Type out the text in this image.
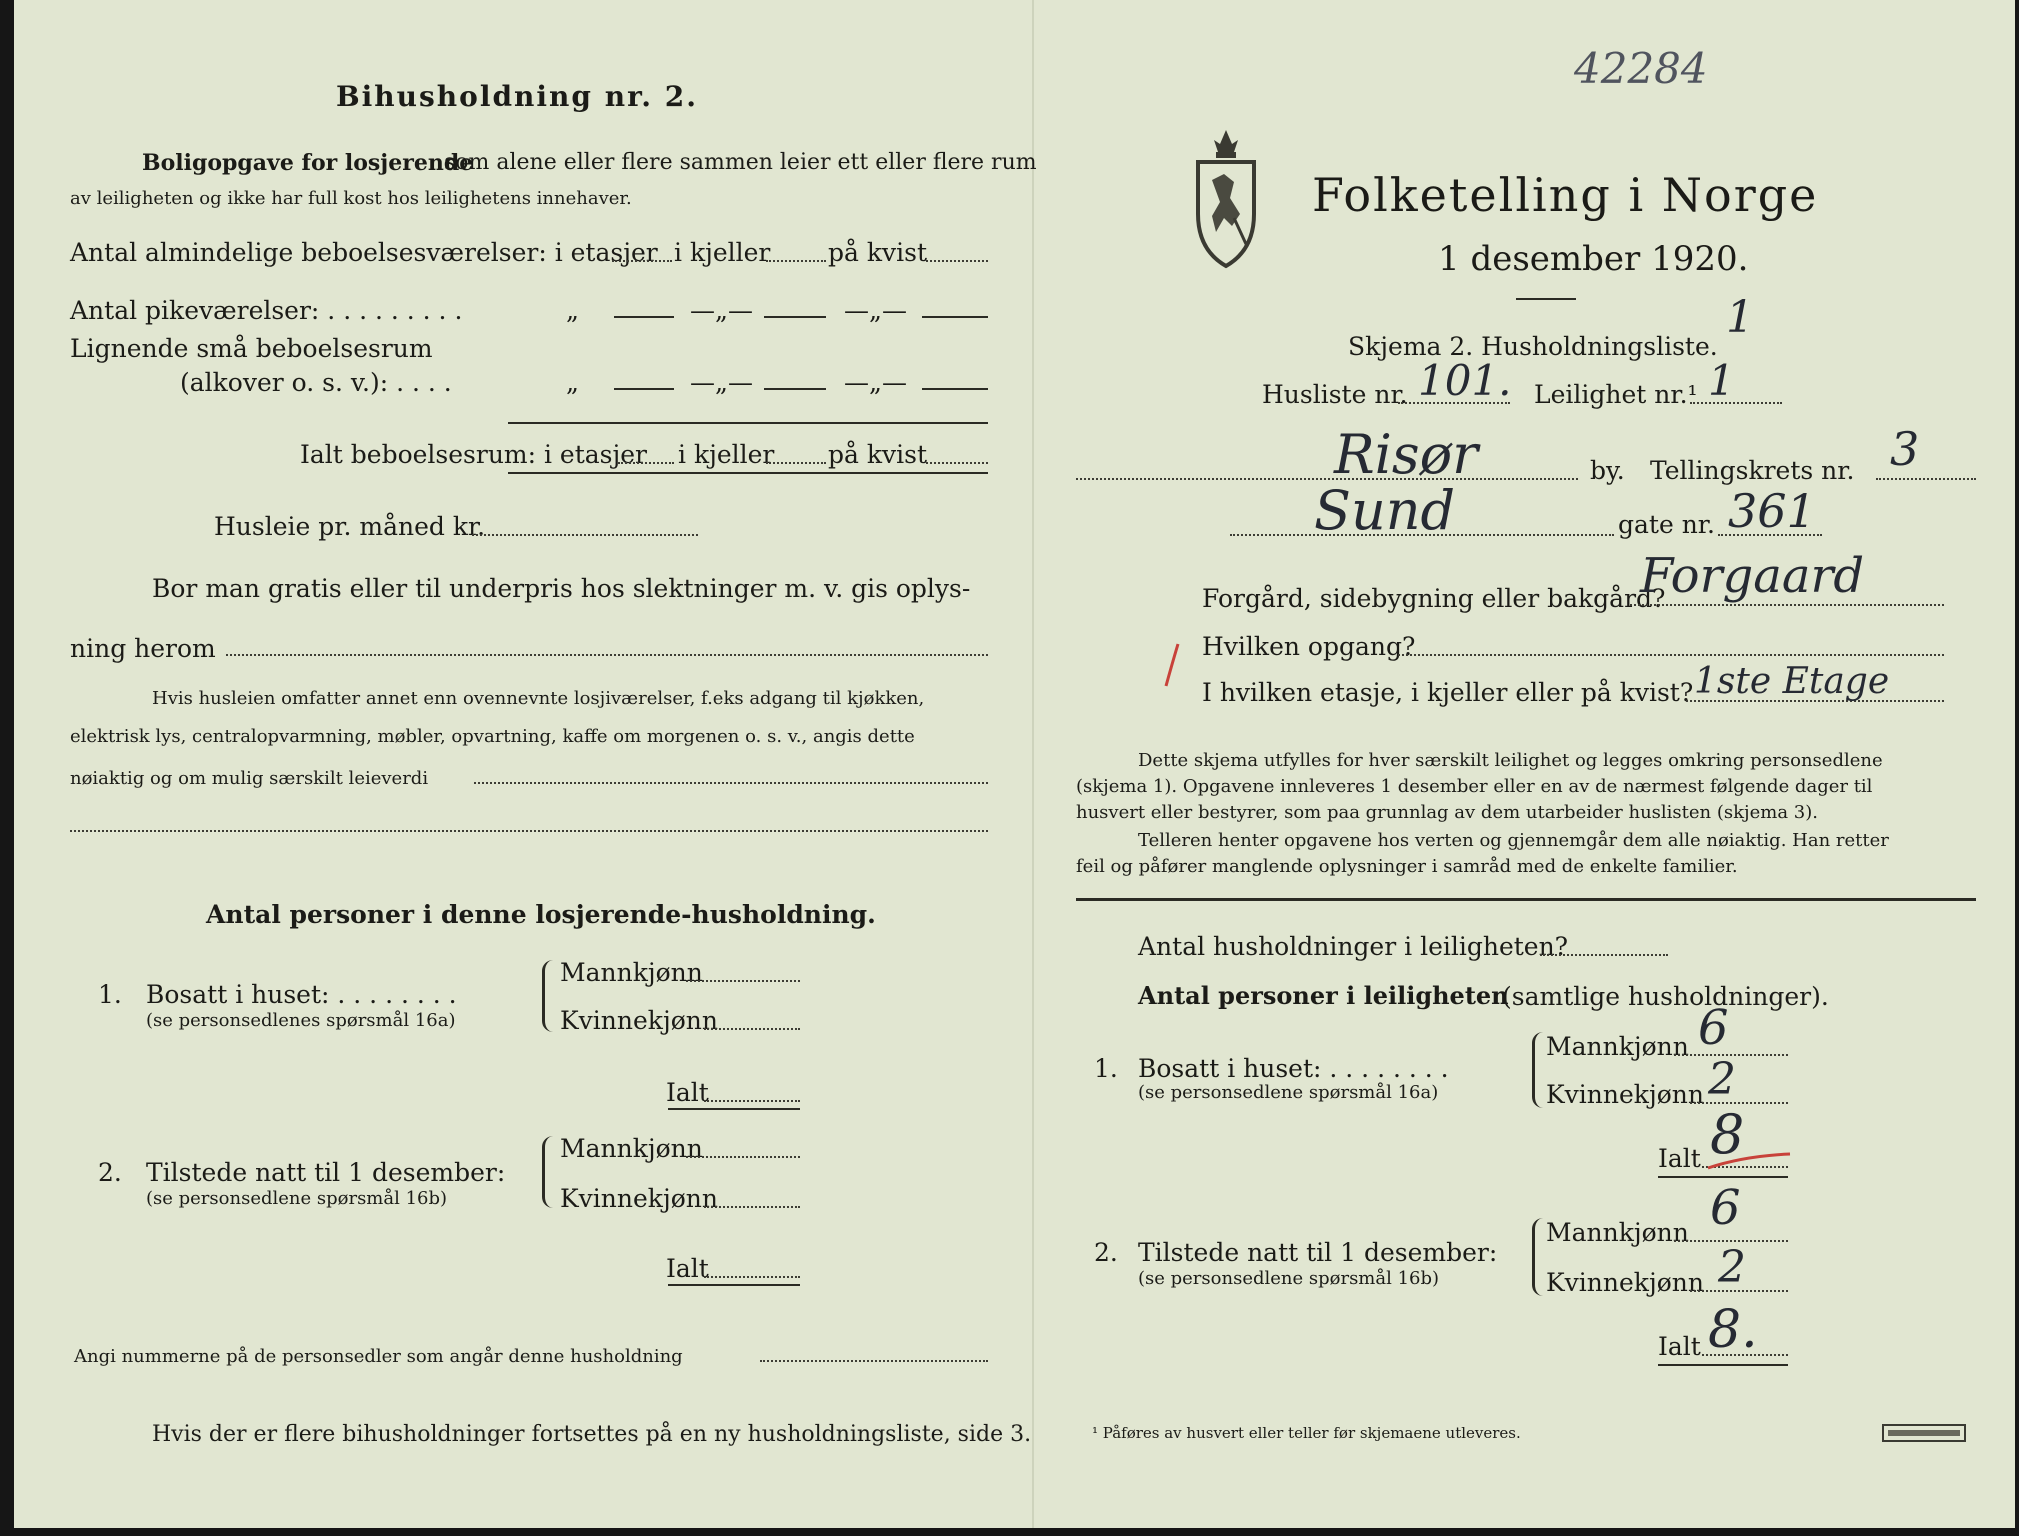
Bihusholdning nr. 2.
Boligopgave for losjerende
som alene eller flere sammen leier ett eller flere rum
av leiligheten og ikke har full kost hos leilighetens innehaver.
Antal almindelige beboelsesværelser: i etasjer i kjeller på kvist
Antal pikeværelser: . . . . . . . . .	„	—„—	—„—
Lignende små beboelsesrum
(alkover o. s. v.): . . . .	„	—„—	—„—
Ialt beboelsesrum: i etasjer i kjeller på kvist
Husleie pr. måned kr.
Bor man gratis eller til underpris hos slektninger m. v. gis oplys-
ning herom
Hvis husleien omfatter annet enn ovennevnte losjiværelser, f.eks adgang til kjøkken,
elektrisk lys, centralopvarmning, møbler, opvartning, kaffe om morgenen o. s. v., angis dette
nøiaktig og om mulig særskilt leieverdi
Antal personer i denne losjerende-husholdning.
1. Bosatt i huset: . . . . . . . .
(se personsedlenes spørsmål 16a)
Mannkjønn
Kvinnekjønn
Ialt
2. Tilstede natt til 1 desember:
(se personsedlene spørsmål 16b)
Mannkjønn
Kvinnekjønn
Ialt
Angi nummerne på de personsedler som angår denne husholdning
Hvis der er flere bihusholdninger fortsettes på en ny husholdningsliste, side 3.
42284
Folketelling i Norge
1 desember 1920.
Skjema 2. Husholdningsliste.
1
Husliste nr. 101. Leilighet nr.¹ 1
Risør	by. Tellingskrets nr. 3
Sund	gate nr. 361
Forgård, sidebygning eller bakgård?
Forgaard
Hvilken opgang?
I hvilken etasje, i kjeller eller på kvist? 1ste Etage
Dette skjema utfylles for hver særskilt leilighet og legges omkring personsedlene
(skjema 1). Opgavene innleveres 1 desember eller en av de nærmest følgende dager til
husvert eller bestyrer, som paa grunnlag av dem utarbeider huslisten (skjema 3).
Telleren henter opgavene hos verten og gjennemgår dem alle nøiaktig. Han retter
feil og påfører manglende oplysninger i samråd med de enkelte familier.
Antal husholdninger i leiligheten?
Antal personer i leiligheten
(samtlige husholdninger).
1. Bosatt i huset: . . . . . . . .
(se personsedlene spørsmål 16a)
Mannkjønn 6
Kvinnekjønn 2
Ialt 8
2. Tilstede natt til 1 desember:
(se personsedlene spørsmål 16b)
Mannkjønn 6
Kvinnekjønn 2
Ialt 8.
¹ Påføres av husvert eller teller før skjemaene utleveres.
